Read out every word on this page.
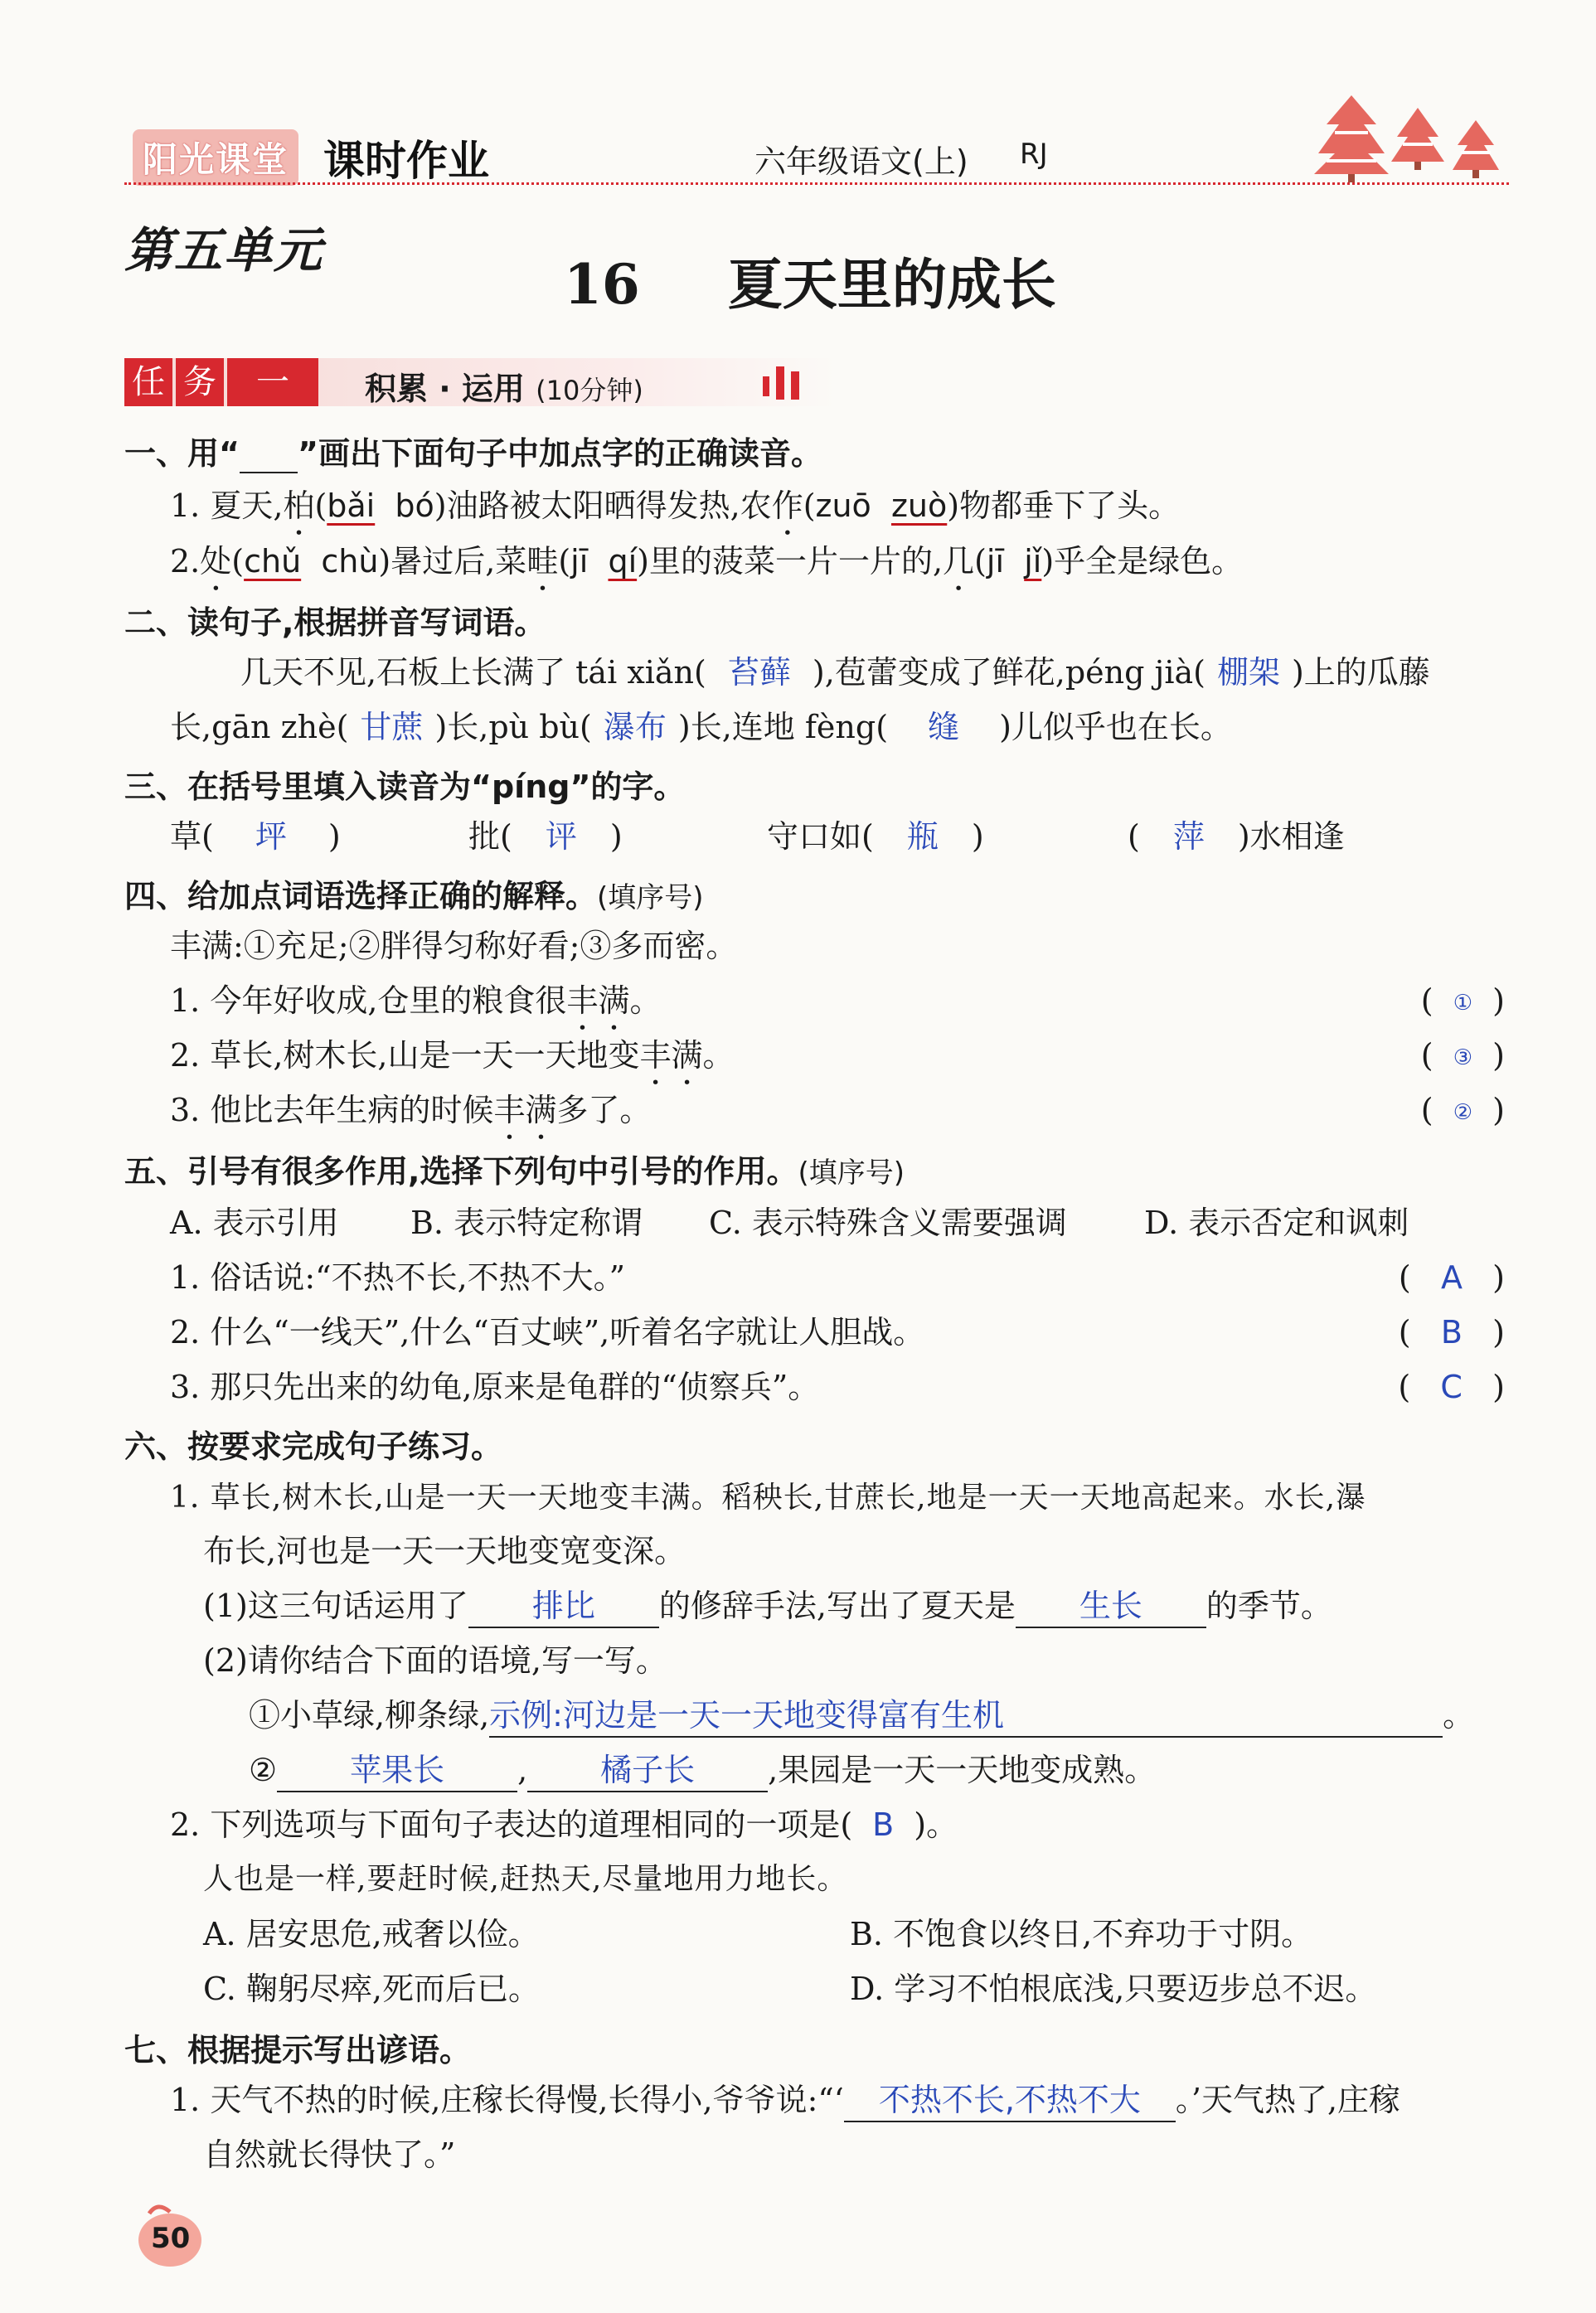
阳光课堂 课时作业	六年级语文(上) RJ
第五单元
16 夏天里的成长
任 务	一	积累 · 运用 (10分钟)
一、用“ ”画出下面句子中加点字的正确读音。
1. 夏天,柏(bǎi bó)油路被太阳晒得发热,农作(zuō zuò)物都垂下了头。
2.处(chǔ chù)暑过后,菜畦(jī qí)里的菠菜一片一片的,几(jī jǐ)乎全是绿色。
二、读句子,根据拼音写词语。
几天不见,石板上长满了 tái xiǎn( 苔藓 ),苞蕾变成了鲜花,péng jià( 棚架 )上的瓜藤
长,gān zhè( 甘蔗 )长,pù bù( 瀑布 )长,连地 fèng( 缝 )儿似乎也在长。
三、在括号里填入读音为“píng”的字。
草( 坪 )	批( 评 )	守口如( 瓶 )	( 萍 )水相逢
四、给加点词语选择正确的解释。(填序号)
丰满:①充足;②胖得匀称好看;③多而密。
1. 今年好收成,仓里的粮食很丰满。	(  ①  )
2. 草长,树木长,山是一天一天地变丰满。	(  ③  )
3. 他比去年生病的时候丰满多了。	(  ②  )
五、引号有很多作用,选择下列句中引号的作用。(填序号)
A. 表示引用 B. 表示特定称谓 C. 表示特殊含义需要强调 D. 表示否定和讽刺
1. 俗话说:“不热不长,不热不大。”	(   A   )
2. 什么“一线天”,什么“百丈峡”,听着名字就让人胆战。	(   B   )
3. 那只先出来的幼龟,原来是龟群的“侦察兵”。	(   C   )
六、按要求完成句子练习。
1. 草长,树木长,山是一天一天地变丰满。稻秧长,甘蔗长,地是一天一天地高起来。水长,瀑
布长,河也是一天一天地变宽变深。
(1)这三句话运用了 排比 的修辞手法,写出了夏天是 生长 的季节。
(2)请你结合下面的语境,写一写。
①小草绿,柳条绿,示例:河边是一天一天地变得富有生机	。
② 苹果长 , 橘子长 ,果园是一天一天地变成熟。
2. 下列选项与下面句子表达的道理相同的一项是( B )。
人也是一样,要赶时候,赶热天,尽量地用力地长。
A. 居安思危,戒奢以俭。	B. 不饱食以终日,不弃功于寸阴。
C. 鞠躬尽瘁,死而后已。	D. 学习不怕根底浅,只要迈步总不迟。
七、根据提示写出谚语。
1. 天气不热的时候,庄稼长得慢,长得小,爷爷说:“‘ 不热不长,不热不大 。’天气热了,庄稼
自然就长得快了。”
50
